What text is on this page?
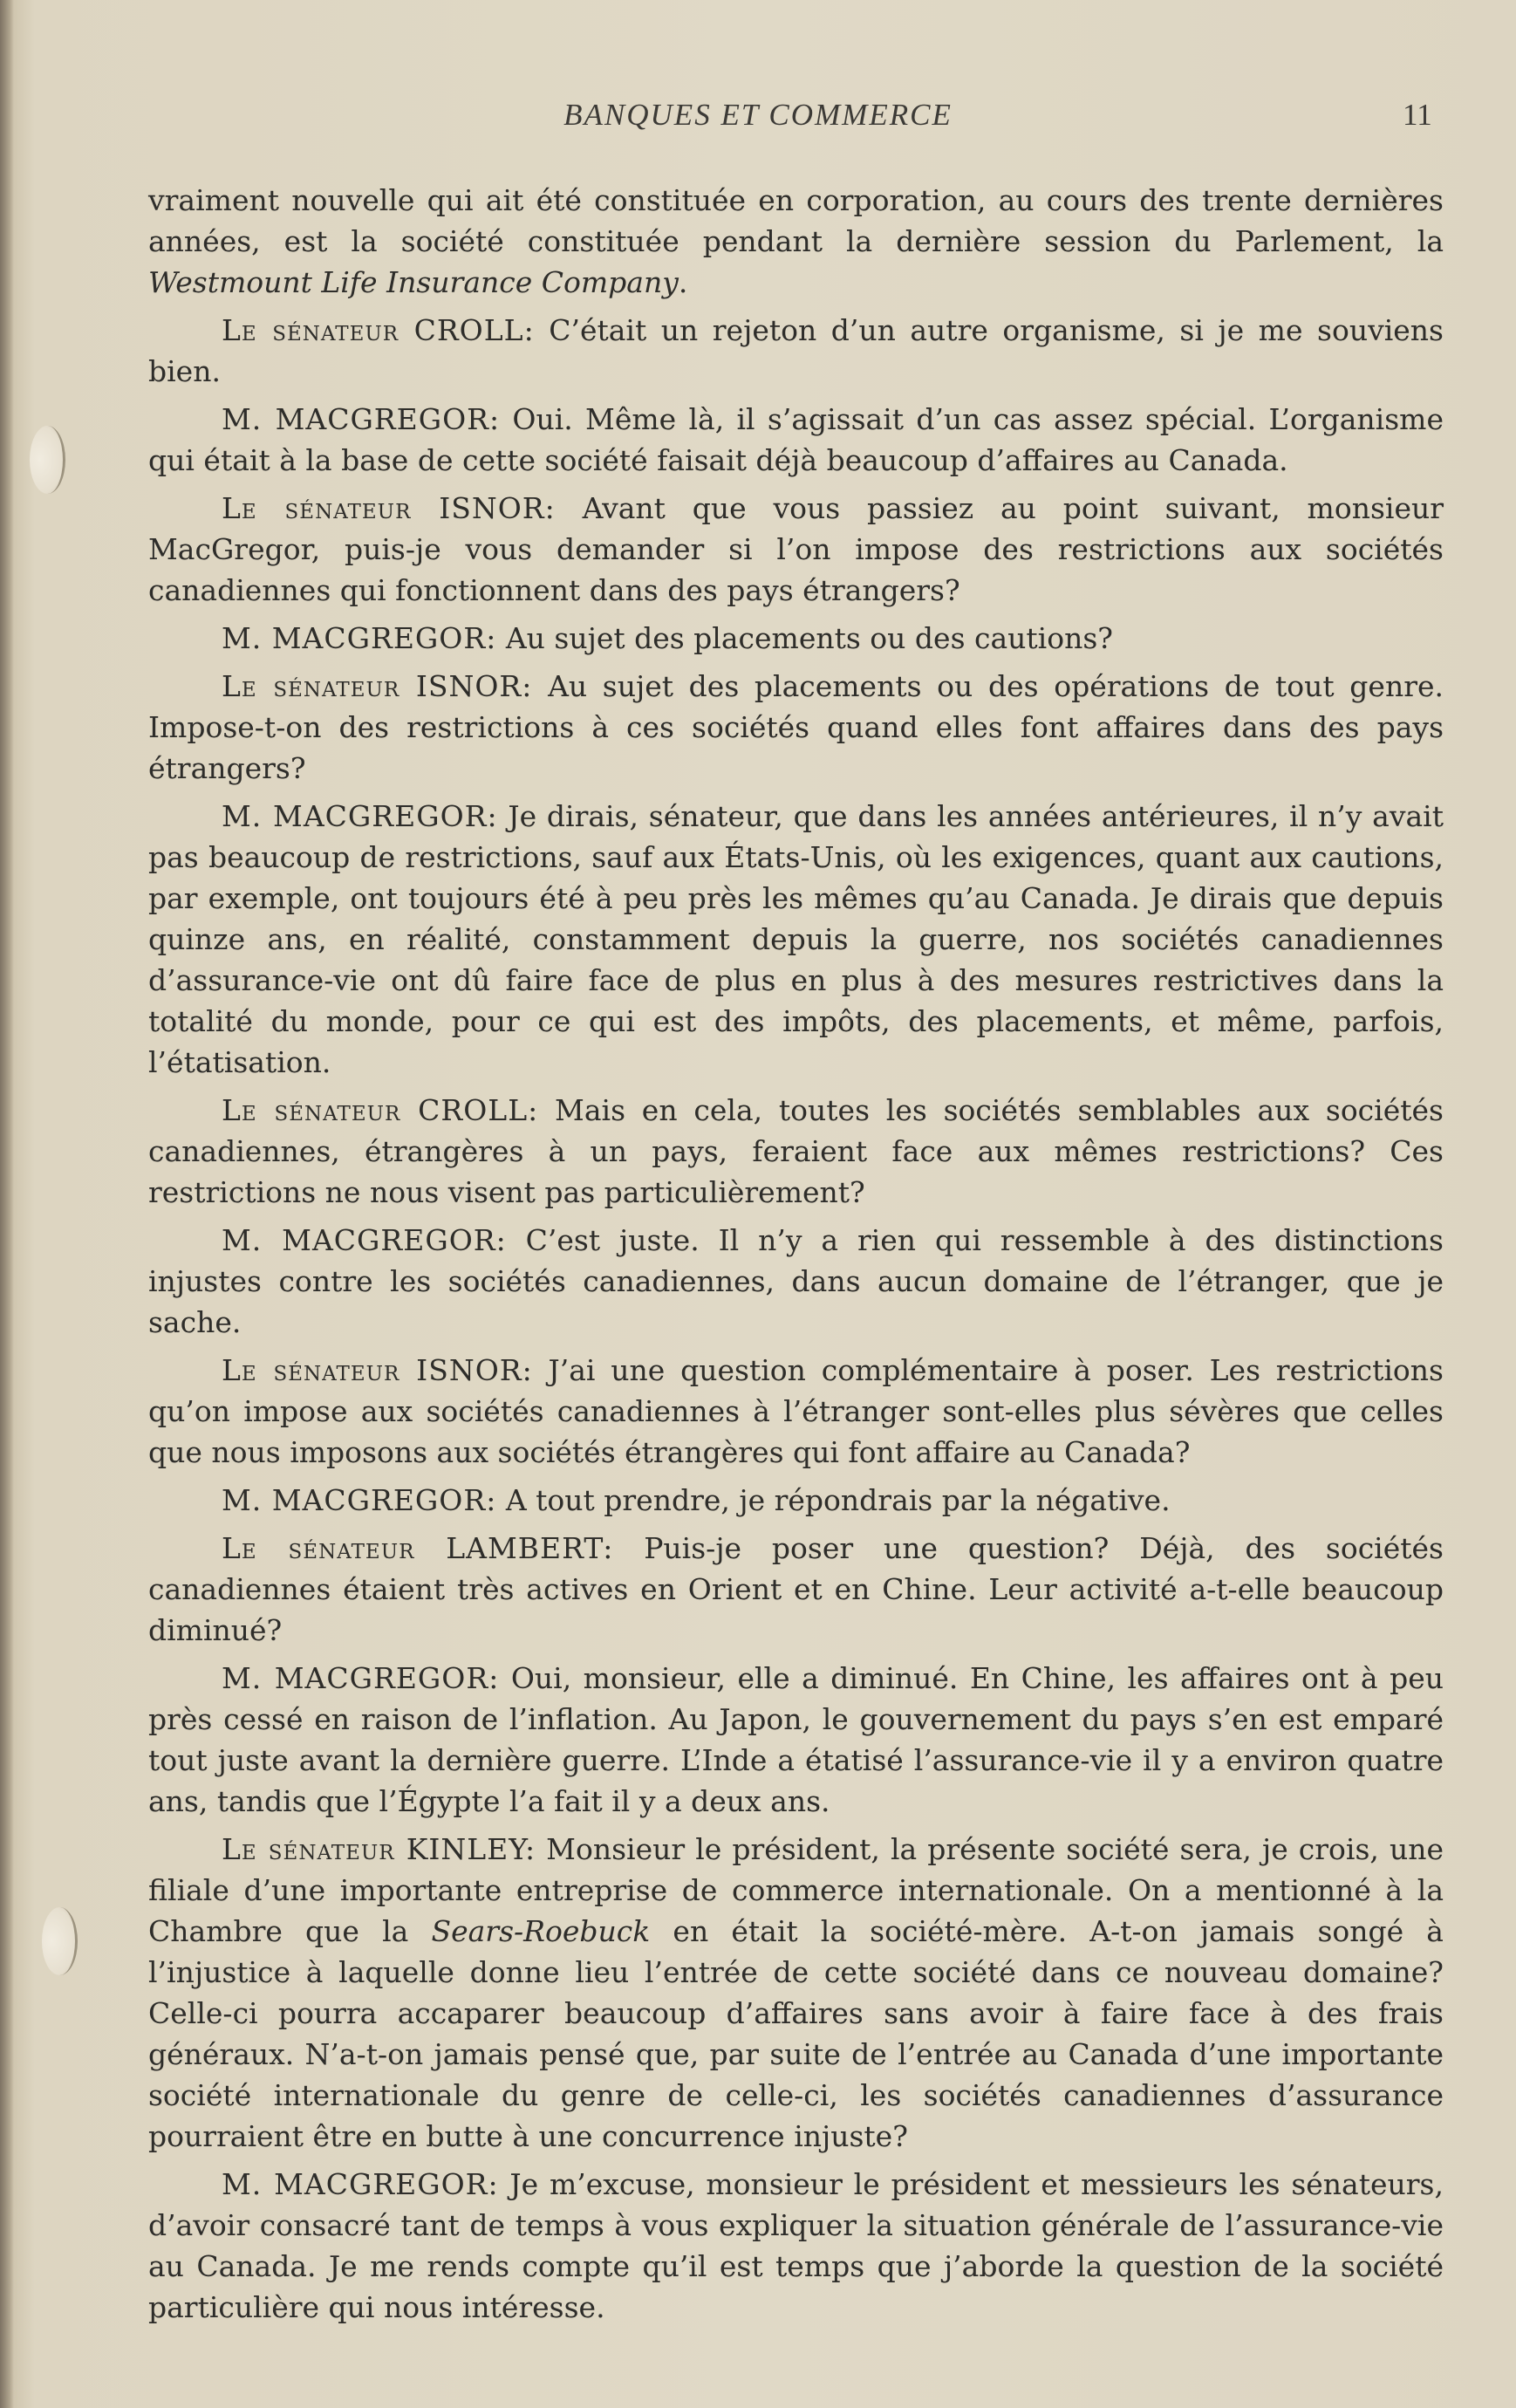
BANQUES ET COMMERCE	11

vraiment nouvelle qui ait été constituée en corporation, au cours des trente dernières années, est la société constituée pendant la dernière session du Parlement, la Westmount Life Insurance Company.

Le sénateur CROLL: C’était un rejeton d’un autre organisme, si je me souviens bien.

M. MACGREGOR: Oui. Même là, il s’agissait d’un cas assez spécial. L’organisme qui était à la base de cette société faisait déjà beaucoup d’affaires au Canada.

Le sénateur ISNOR: Avant que vous passiez au point suivant, monsieur MacGregor, puis-je vous demander si l’on impose des restrictions aux sociétés canadiennes qui fonctionnent dans des pays étrangers?

M. MACGREGOR: Au sujet des placements ou des cautions?

Le sénateur ISNOR: Au sujet des placements ou des opérations de tout genre. Impose-t-on des restrictions à ces sociétés quand elles font affaires dans des pays étrangers?

M. MACGREGOR: Je dirais, sénateur, que dans les années antérieures, il n’y avait pas beaucoup de restrictions, sauf aux États-Unis, où les exigences, quant aux cautions, par exemple, ont toujours été à peu près les mêmes qu’au Canada. Je dirais que depuis quinze ans, en réalité, constamment depuis la guerre, nos sociétés canadiennes d’assurance-vie ont dû faire face de plus en plus à des mesures restrictives dans la totalité du monde, pour ce qui est des impôts, des placements, et même, parfois, l’étatisation.

Le sénateur CROLL: Mais en cela, toutes les sociétés semblables aux sociétés canadiennes, étrangères à un pays, feraient face aux mêmes restrictions? Ces restrictions ne nous visent pas particulièrement?

M. MACGREGOR: C’est juste. Il n’y a rien qui ressemble à des distinctions injustes contre les sociétés canadiennes, dans aucun domaine de l’étranger, que je sache.

Le sénateur ISNOR: J’ai une question complémentaire à poser. Les restrictions qu’on impose aux sociétés canadiennes à l’étranger sont-elles plus sévères que celles que nous imposons aux sociétés étrangères qui font affaire au Canada?

M. MACGREGOR: A tout prendre, je répondrais par la négative.

Le sénateur LAMBERT: Puis-je poser une question? Déjà, des sociétés canadiennes étaient très actives en Orient et en Chine. Leur activité a-t-elle beaucoup diminué?

M. MACGREGOR: Oui, monsieur, elle a diminué. En Chine, les affaires ont à peu près cessé en raison de l’inflation. Au Japon, le gouvernement du pays s’en est emparé tout juste avant la dernière guerre. L’Inde a étatisé l’assurance-vie il y a environ quatre ans, tandis que l’Égypte l’a fait il y a deux ans.

Le sénateur KINLEY: Monsieur le président, la présente société sera, je crois, une filiale d’une importante entreprise de commerce internationale. On a mentionné à la Chambre que la Sears-Roebuck en était la société-mère. A-t-on jamais songé à l’injustice à laquelle donne lieu l’entrée de cette société dans ce nouveau domaine? Celle-ci pourra accaparer beaucoup d’affaires sans avoir à faire face à des frais généraux. N’a-t-on jamais pensé que, par suite de l’entrée au Canada d’une importante société internationale du genre de celle-ci, les sociétés canadiennes d’assurance pourraient être en butte à une concurrence injuste?

M. MACGREGOR: Je m’excuse, monsieur le président et messieurs les sénateurs, d’avoir consacré tant de temps à vous expliquer la situation générale de l’assurance-vie au Canada. Je me rends compte qu’il est temps que j’aborde la question de la société particulière qui nous intéresse.
